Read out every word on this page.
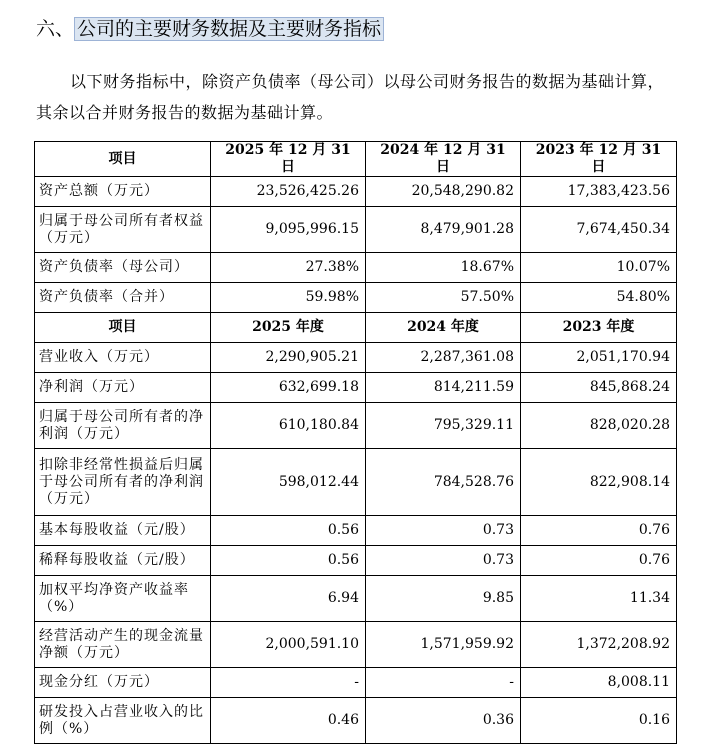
六、 公司的主要财务数据及主要财务指标

以下财务指标中，除资产负债率（母公司）以母公司财务报告的数据为基础计算，其余以合并财务报告的数据为基础计算。

项目	2025 年 12 月 31 日	2024 年 12 月 31 日	2023 年 12 月 31 日
资产总额（万元）	23,526,425.26	20,548,290.82	17,383,423.56
归属于母公司所有者权益（万元）	9,095,996.15	8,479,901.28	7,674,450.34
资产负债率（母公司）	27.38%	18.67%	10.07%
资产负债率（合并）	59.98%	57.50%	54.80%
项目	2025 年度	2024 年度	2023 年度
营业收入（万元）	2,290,905.21	2,287,361.08	2,051,170.94
净利润（万元）	632,699.18	814,211.59	845,868.24
归属于母公司所有者的净利润（万元）	610,180.84	795,329.11	828,020.28
扣除非经常性损益后归属于母公司所有者的净利润（万元）	598,012.44	784,528.76	822,908.14
基本每股收益（元/股）	0.56	0.73	0.76
稀释每股收益（元/股）	0.56	0.73	0.76
加权平均净资产收益率（%）	6.94	9.85	11.34
经营活动产生的现金流量净额（万元）	2,000,591.10	1,571,959.92	1,372,208.92
现金分红（万元）	-	-	8,008.11
研发投入占营业收入的比例（%）	0.46	0.36	0.16
